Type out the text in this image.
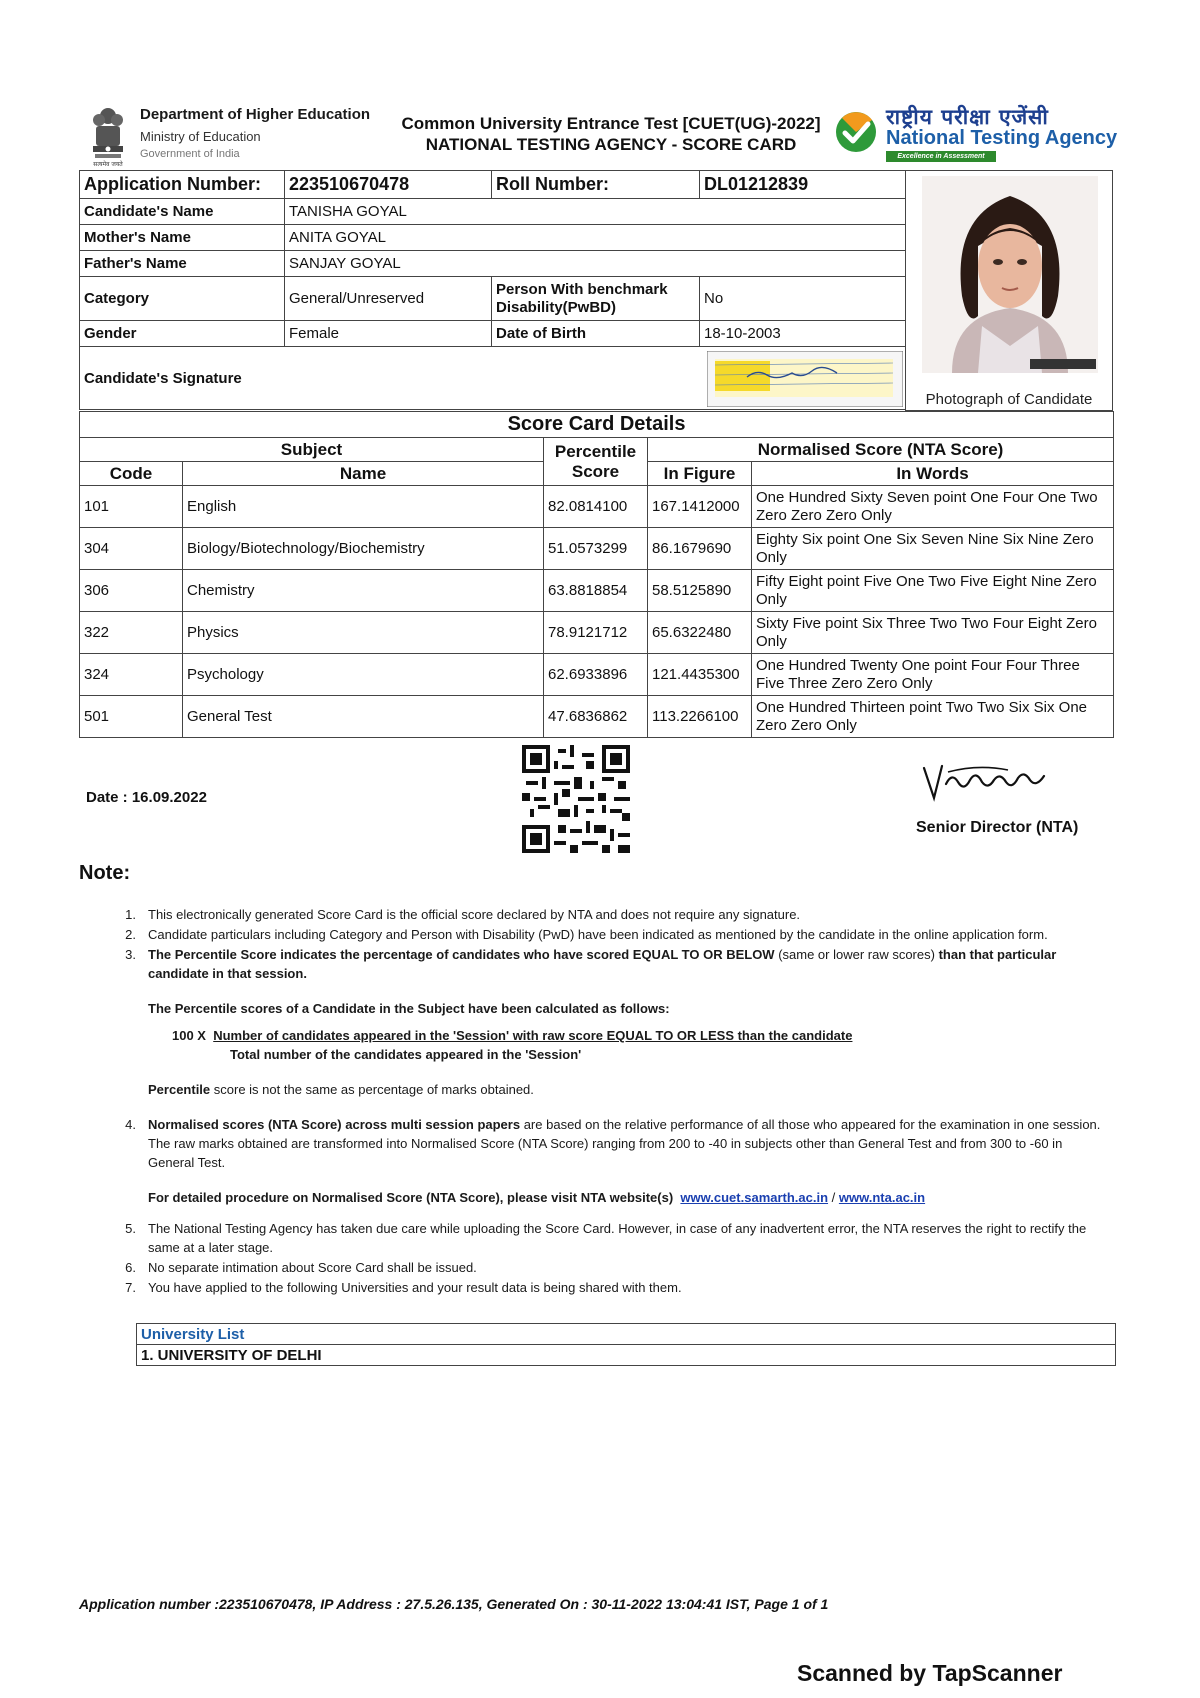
सत्यमेव जयते
Department of Higher Education
Ministry of Education
Government of India
Common University Entrance Test [CUET(UG)-2022]
NATIONAL TESTING AGENCY - SCORE CARD
राष्ट्रीय परीक्षा एजेंसी
National Testing Agency
Excellence in Assessment
Application Number:	223510670478	Roll Number:	DL01212839
Candidate's Name	TANISHA GOYAL		
Mother's Name	ANITA GOYAL		
Father's Name	SANJAY GOYAL		
Category	General/Unreserved	Person With benchmark Disability(PwBD)	No
Gender	Female	Date of Birth	18-10-2003
Candidate's Signature			
Photograph of Candidate
Score Card Details				
Subject		Percentile Score	Normalised Score (NTA Score)	
Code	Name		In Figure	In Words
101	English	82.0814100	167.1412000	One Hundred Sixty Seven point One Four One Two Zero Zero Zero Only
304	Biology/Biotechnology/Biochemistry	51.0573299	86.1679690	Eighty Six point One Six Seven Nine Six Nine Zero Only
306	Chemistry	63.8818854	58.5125890	Fifty Eight point Five One Two Five Eight Nine Zero Only
322	Physics	78.9121712	65.6322480	Sixty Five point Six Three Two Two Four Eight Zero Only
324	Psychology	62.6933896	121.4435300	One Hundred Twenty One point Four Four Three Five Three Zero Zero Only
501	General Test	47.6836862	113.2266100	One Hundred Thirteen point Two Two Six Six One Zero Zero Only
Date : 16.09.2022
Senior Director (NTA)
Note:
1. This electronically generated Score Card is the official score declared by NTA and does not require any signature.
2. Candidate particulars including Category and Person with Disability (PwD) have been indicated as mentioned by the candidate in the online application form.
3. The Percentile Score indicates the percentage of candidates who have scored EQUAL TO OR BELOW (same or lower raw scores) than that particular candidate in that session.
The Percentile scores of a Candidate in the Subject have been calculated as follows:
100 X Number of candidates appeared in the 'Session' with raw score EQUAL TO OR LESS than the candidate
Total number of the candidates appeared in the 'Session'
Percentile score is not the same as percentage of marks obtained.
4. Normalised scores (NTA Score) across multi session papers are based on the relative performance of all those who appeared for the examination in one session. The raw marks obtained are transformed into Normalised Score (NTA Score) ranging from 200 to -40 in subjects other than General Test and from 300 to -60 in General Test.
For detailed procedure on Normalised Score (NTA Score), please visit NTA website(s) www.cuet.samarth.ac.in / www.nta.ac.in
5. The National Testing Agency has taken due care while uploading the Score Card. However, in case of any inadvertent error, the NTA reserves the right to rectify the same at a later stage.
6. No separate intimation about Score Card shall be issued.
7. You have applied to the following Universities and your result data is being shared with them.
University List
1. UNIVERSITY OF DELHI
Application number :223510670478, IP Address : 27.5.26.135, Generated On : 30-11-2022 13:04:41 IST, Page 1 of 1
Scanned by TapScanner
